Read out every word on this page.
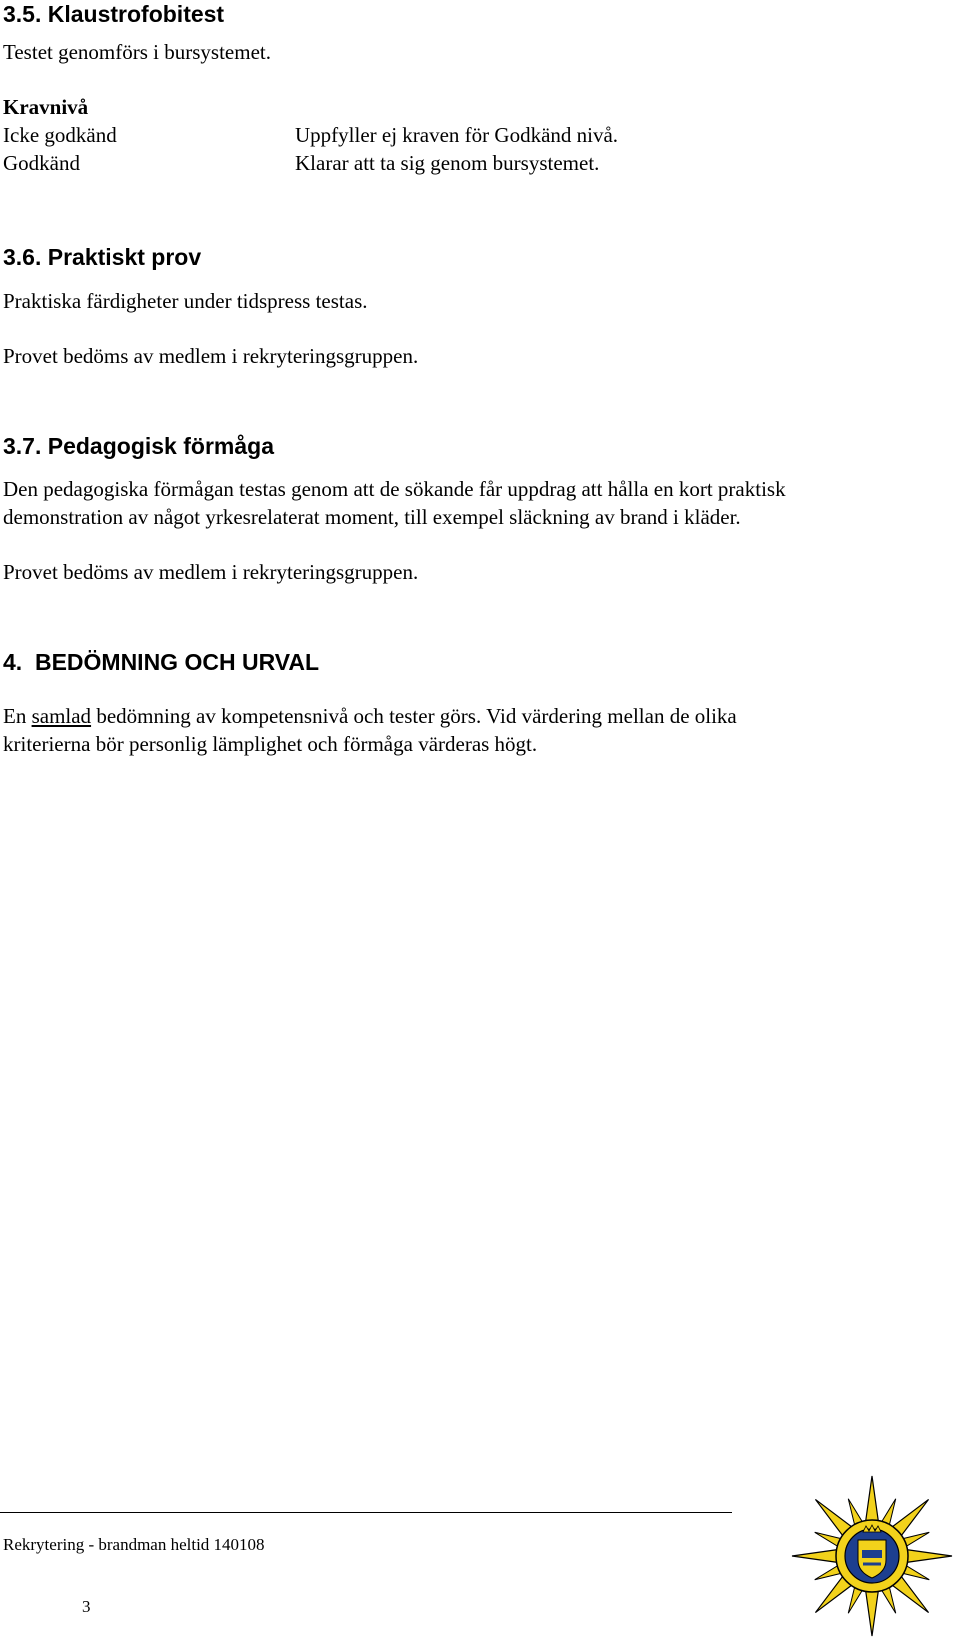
3.5. Klaustrofobitest
Testet genomförs i bursystemet.
Kravnivå
Icke godkänd	Uppfyller ej kraven för Godkänd nivå.
Godkänd	Klarar att ta sig genom bursystemet.
3.6. Praktiskt prov
Praktiska färdigheter under tidspress testas.
Provet bedöms av medlem i rekryteringsgruppen.
3.7. Pedagogisk förmåga
Den pedagogiska förmågan testas genom att de sökande får uppdrag att hålla en kort praktisk
demonstration av något yrkesrelaterat moment, till exempel släckning av brand i kläder.
Provet bedöms av medlem i rekryteringsgruppen.
4.  BEDÖMNING OCH URVAL
En samlad bedömning av kompetensnivå och tester görs. Vid värdering mellan de olika
kriterierna bör personlig lämplighet och förmåga värderas högt.
Rekrytering - brandman heltid 140108
3
